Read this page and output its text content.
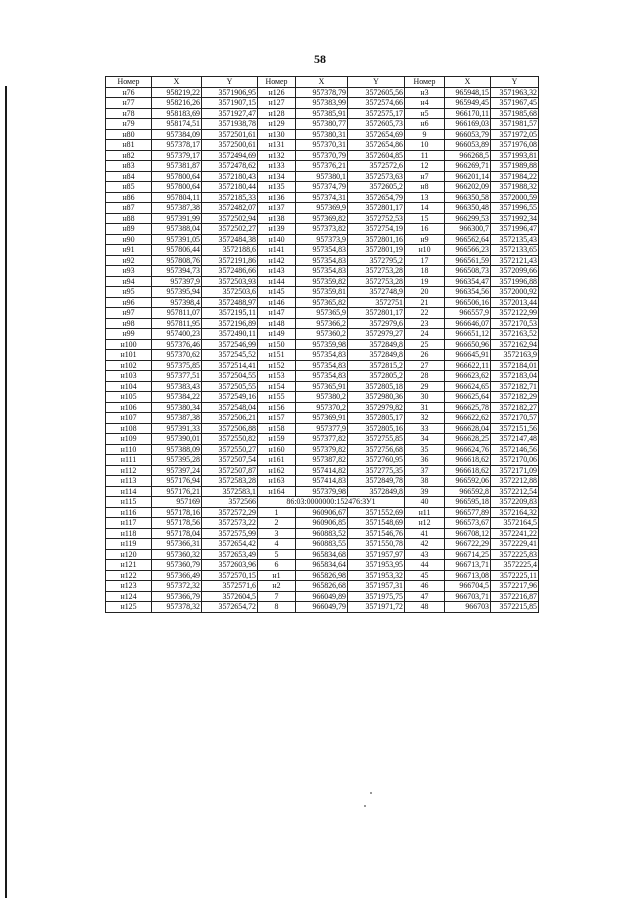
58
Номер	X	Y	Номер	X	Y	Номер	X	Y
н76	958219,22	3571906,95	н126	957378,79	3572605,56	н3	965948,15	3571963,32
н77	958216,26	3571907,15	н127	957383,99	3572574,66	н4	965949,45	3571967,45
н78	958183,69	3571927,47	н128	957385,91	3572575,17	н5	966170,11	3571985,68
н79	958174,51	3571938,78	н129	957380,77	3572605,73	н6	966169,03	3571981,57
н80	957384,09	3572501,61	н130	957380,31	3572654,69	9	966053,79	3571972,05
н81	957378,17	3572500,61	н131	957370,31	3572654,86	10	966053,89	3571976,08
н82	957379,17	3572494,69	н132	957370,79	3572604,85	11	966268,5	3571993,81
н83	957381,87	3572478,62	н133	957376,21	3572572,6	12	966269,71	3571989,88
н84	957800,64	3572180,43	н134	957380,1	3572573,63	н7	966201,14	3571984,22
н85	957800,64	3572180,44	н135	957374,79	3572605,2	н8	966202,09	3571988,32
н86	957804,11	3572185,33	н136	957374,31	3572654,79	13	966350,58	3572000,59
н87	957387,38	3572482,07	н137	957369,9	3572801,17	14	966350,48	3571996,55
н88	957391,99	3572502,94	н138	957369,82	3572752,53	15	966299,53	3571992,34
н89	957388,04	3572502,27	н139	957373,82	3572754,19	16	966300,7	3571996,47
н90	957391,05	3572484,38	н140	957373,9	3572801,16	н9	966562,64	3572135,43
н91	957806,44	3572188,6	н141	957354,83	3572801,19	н10	966566,23	3572133,65
н92	957808,76	3572191,86	н142	957354,83	3572795,2	17	966561,59	3572121,43
н93	957394,73	3572486,66	н143	957354,83	3572753,28	18	966508,73	3572099,66
н94	957397,9	3572503,93	н144	957359,82	3572753,28	19	966354,47	3571996,88
н95	957395,94	3572503,6	н145	957359,81	3572748,9	20	966354,56	3572000,92
н96	957398,4	3572488,97	н146	957365,82	3572751	21	966506,16	3572013,44
н97	957811,07	3572195,11	н147	957365,9	3572801,17	22	966557,9	3572122,99
н98	957811,95	3572196,89	н148	957366,2	3572979,6	23	966646,07	3572170,53
н99	957400,23	3572490,11	н149	957360,2	3572979,27	24	966651,12	3572163,52
н100	957376,46	3572546,99	н150	957359,98	3572849,8	25	966650,96	3572162,94
н101	957370,62	3572545,52	н151	957354,83	3572849,8	26	966645,91	3572163,9
н102	957375,85	3572514,41	н152	957354,83	3572815,2	27	966622,11	3572184,01
н103	957377,51	3572504,55	н153	957354,83	3572805,2	28	966623,62	3572183,04
н104	957383,43	3572505,55	н154	957365,91	3572805,18	29	966624,65	3572182,71
н105	957384,22	3572549,16	н155	957380,2	3572980,36	30	966625,64	3572182,29
н106	957380,34	3572548,04	н156	957370,2	3572979,82	31	966625,78	3572182,27
н107	957387,38	3572506,21	н157	957369,91	3572805,17	32	966622,62	3572170,57
н108	957391,33	3572506,88	н158	957377,9	3572805,16	33	966628,04	3572151,56
н109	957390,01	3572550,82	н159	957377,82	3572755,85	34	966628,25	3572147,48
н110	957388,09	3572550,27	н160	957379,82	3572756,68	35	966624,76	3572146,56
н111	957395,28	3572507,54	н161	957387,82	3572760,95	36	966618,62	3572170,06
н112	957397,24	3572507,87	н162	957414,82	3572775,35	37	966618,62	3572171,09
н113	957176,94	3572583,28	н163	957414,83	3572849,78	38	966592,06	3572212,88
н114	957176,21	3572583,1	н164	957379,98	3572849,8	39	966592,8	3572212,54
н115	957169	3572566	86:03:0000000:152476:ЗУ1			40	966595,18	3572209,83
н116	957178,16	3572572,29	1	960906,67	3571552,69	н11	966577,89	3572164,32
н117	957178,56	3572573,22	2	960906,85	3571548,69	н12	966573,67	3572164,5
н118	957178,04	3572575,99	3	960883,52	3571546,76	41	966708,12	3572241,22
н119	957366,31	3572654,42	4	960883,55	3571550,78	42	966722,29	3572229,41
н120	957360,32	3572653,49	5	965834,68	3571957,97	43	966714,25	3572225,83
н121	957360,79	3572603,96	6	965834,64	3571953,95	44	966713,71	3572225,4
н122	957366,49	3572570,15	н1	965826,98	3571953,32	45	966713,08	3572225,11
н123	957372,32	3572571,6	н2	965826,68	3571957,31	46	966704,5	3572217,96
н124	957366,79	3572604,5	7	966049,89	3571975,75	47	966703,71	3572216,87
н125	957378,32	3572654,72	8	966049,79	3571971,72	48	966703	3572215,85
